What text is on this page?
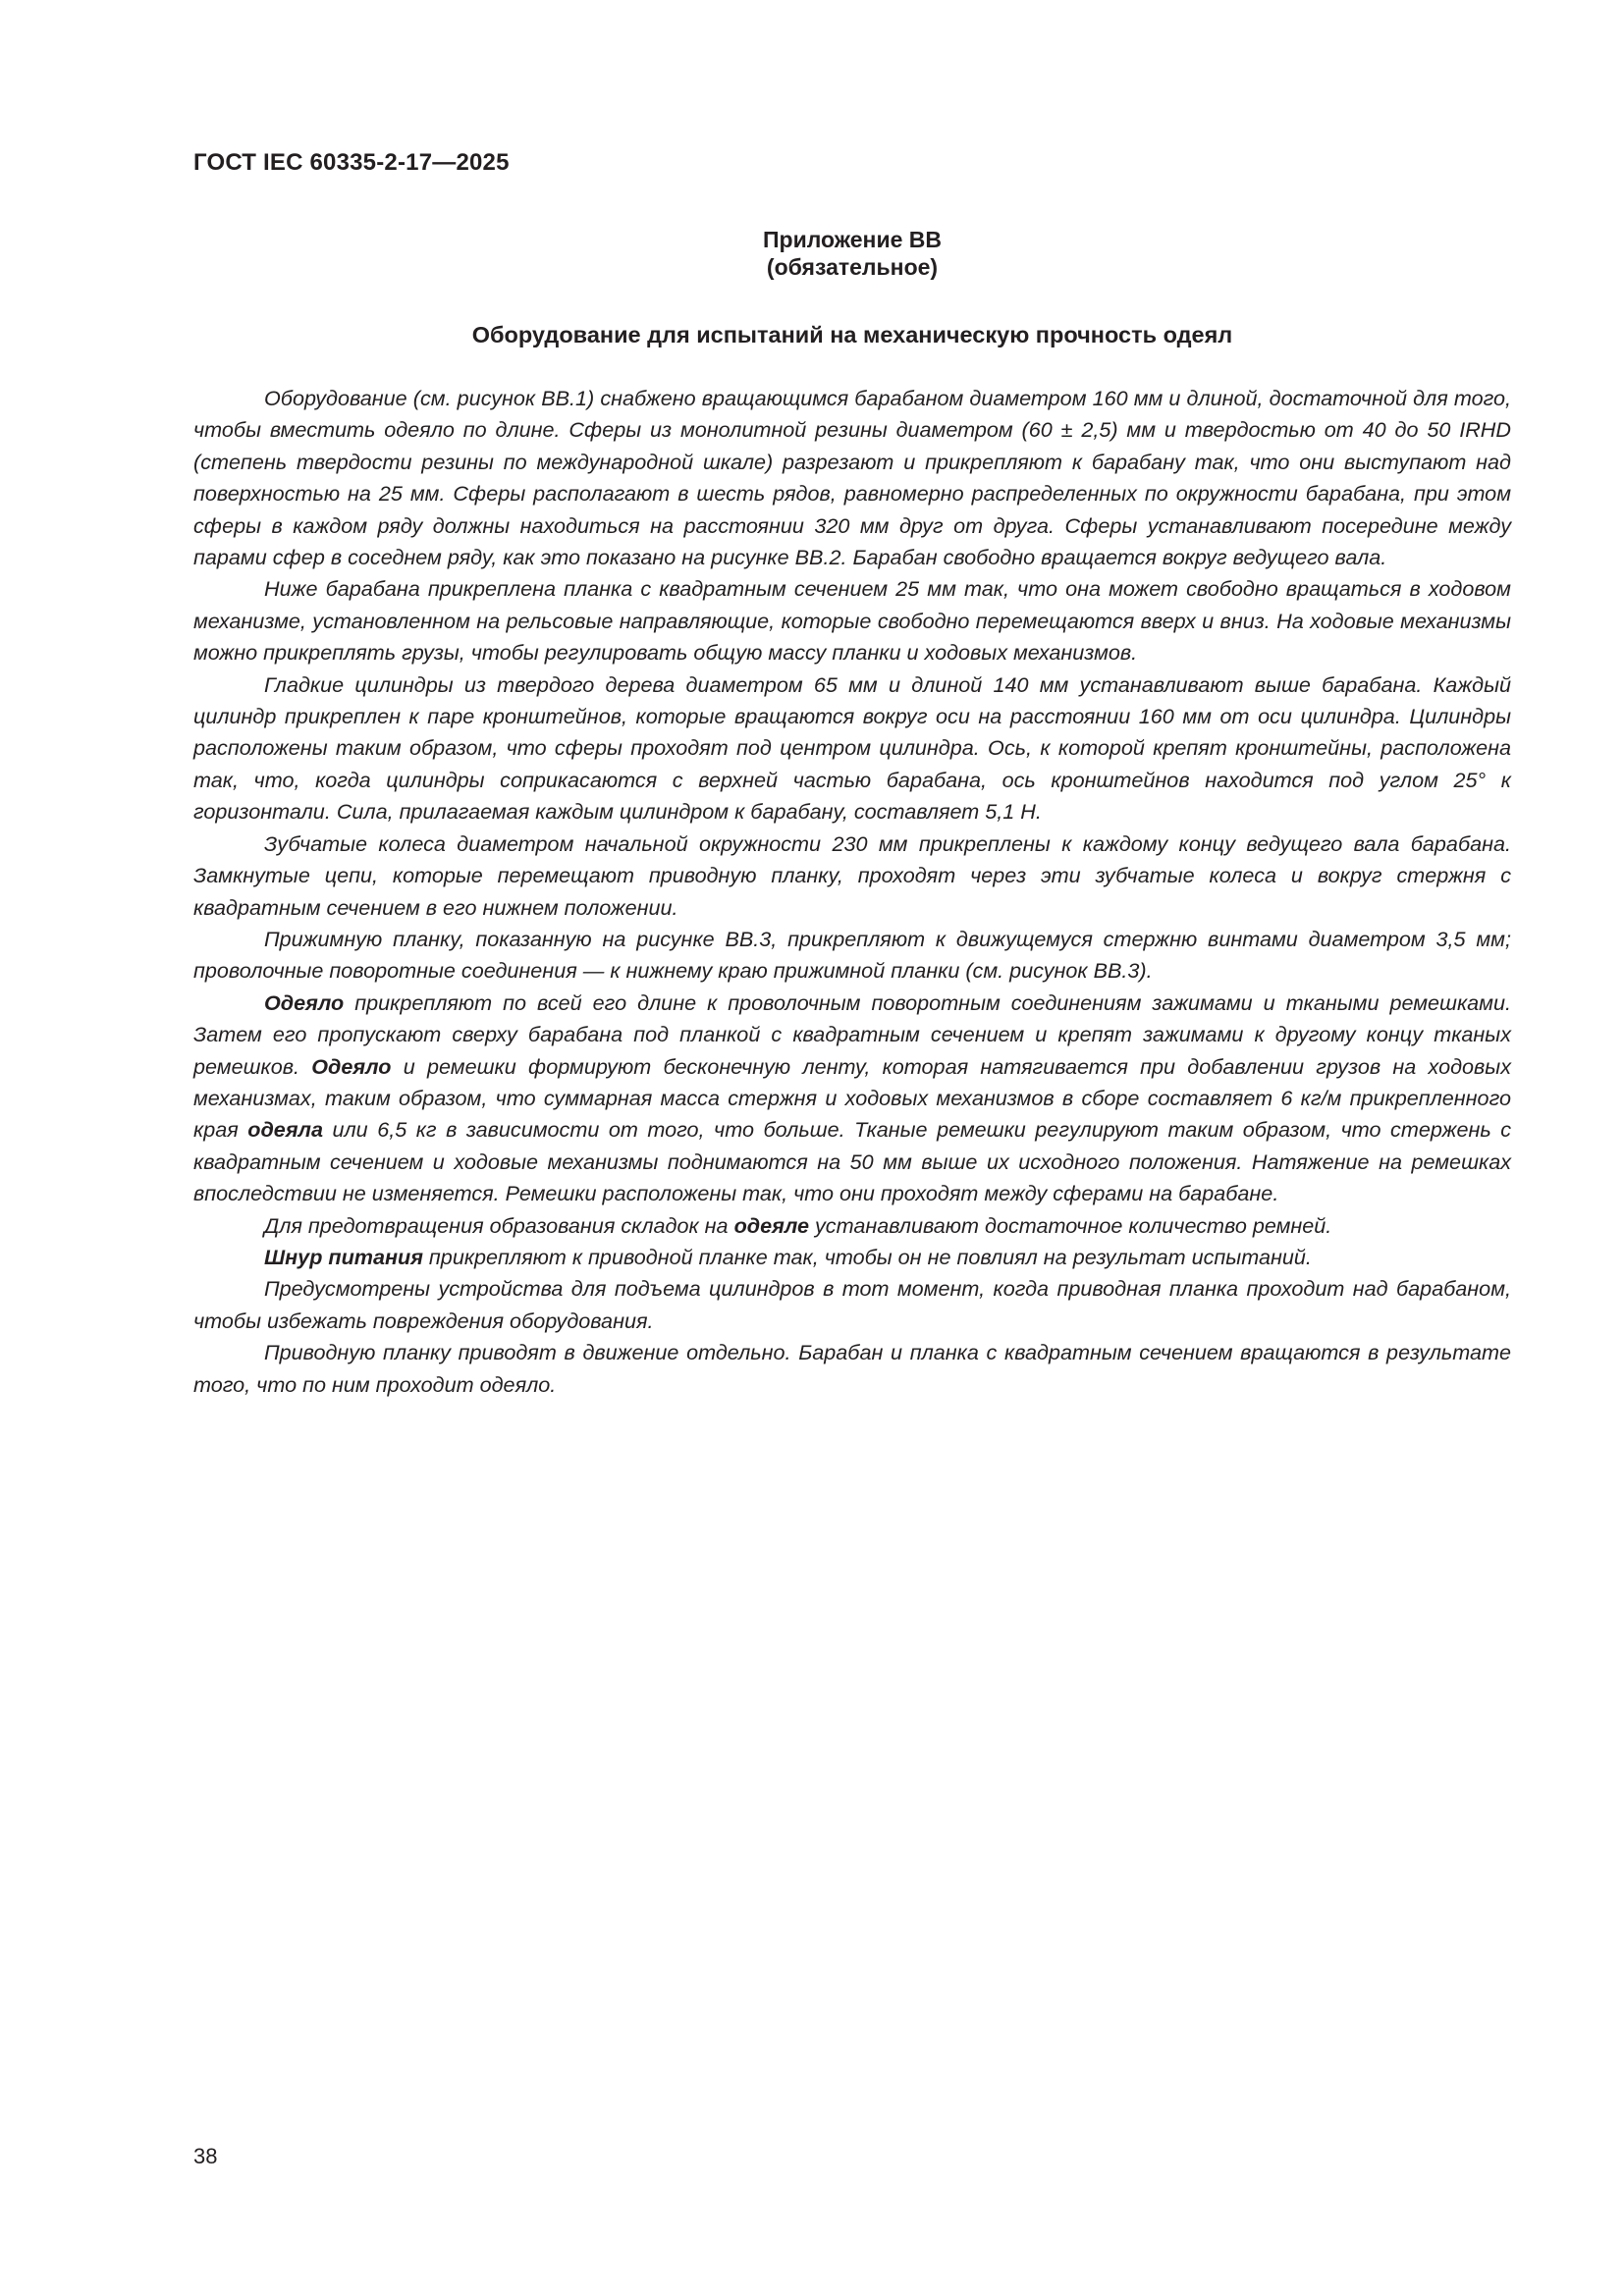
ГОСТ IEC 60335-2-17—2025
Приложение ВВ
(обязательное)
Оборудование для испытаний на механическую прочность одеял

Оборудование (см. рисунок ВВ.1) снабжено вращающимся барабаном диаметром 160 мм и длиной, достаточной для того, чтобы вместить одеяло по длине. Сферы из монолитной резины диаметром (60 ± 2,5) мм и твердостью от 40 до 50 IRHD (степень твердости резины по международной шкале) разрезают и прикрепляют к барабану так, что они выступают над поверхностью на 25 мм. Сферы располагают в шесть рядов, равномерно распределенных по окружности барабана, при этом сферы в каждом ряду должны находиться на расстоянии 320 мм друг от друга. Сферы устанавливают посередине между парами сфер в соседнем ряду, как это показано на рисунке ВВ.2. Барабан свободно вращается вокруг ведущего вала.

Ниже барабана прикреплена планка с квадратным сечением 25 мм так, что она может свободно вращаться в ходовом механизме, установленном на рельсовые направляющие, которые свободно перемещаются вверх и вниз. На ходовые механизмы можно прикреплять грузы, чтобы регулировать общую массу планки и ходовых механизмов.

Гладкие цилиндры из твердого дерева диаметром 65 мм и длиной 140 мм устанавливают выше барабана. Каждый цилиндр прикреплен к паре кронштейнов, которые вращаются вокруг оси на расстоянии 160 мм от оси цилиндра. Цилиндры расположены таким образом, что сферы проходят под центром цилиндра. Ось, к которой крепят кронштейны, расположена так, что, когда цилиндры соприкасаются с верхней частью барабана, ось кронштейнов находится под углом 25° к горизонтали. Сила, прилагаемая каждым цилиндром к барабану, составляет 5,1 Н.

Зубчатые колеса диаметром начальной окружности 230 мм прикреплены к каждому концу ведущего вала барабана. Замкнутые цепи, которые перемещают приводную планку, проходят через эти зубчатые колеса и вокруг стержня с квадратным сечением в его нижнем положении.

Прижимную планку, показанную на рисунке ВВ.3, прикрепляют к движущемуся стержню винтами диаметром 3,5 мм; проволочные поворотные соединения — к нижнему краю прижимной планки (см. рисунок ВВ.3).

Одеяло прикрепляют по всей его длине к проволочным поворотным соединениям зажимами и ткаными ремешками. Затем его пропускают сверху барабана под планкой с квадратным сечением и крепят зажимами к другому концу тканых ремешков. Одеяло и ремешки формируют бесконечную ленту, которая натягивается при добавлении грузов на ходовых механизмах, таким образом, что суммарная масса стержня и ходовых механизмов в сборе составляет 6 кг/м прикрепленного края одеяла или 6,5 кг в зависимости от того, что больше. Тканые ремешки регулируют таким образом, что стержень с квадратным сечением и ходовые механизмы поднимаются на 50 мм выше их исходного положения. Натяжение на ремешках впоследствии не изменяется. Ремешки расположены так, что они проходят между сферами на барабане.

Для предотвращения образования складок на одеяле устанавливают достаточное количество ремней.

Шнур питания прикрепляют к приводной планке так, чтобы он не повлиял на результат испытаний.

Предусмотрены устройства для подъема цилиндров в тот момент, когда приводная планка проходит над барабаном, чтобы избежать повреждения оборудования.

Приводную планку приводят в движение отдельно. Барабан и планка с квадратным сечением вращаются в результате того, что по ним проходит одеяло.

38
